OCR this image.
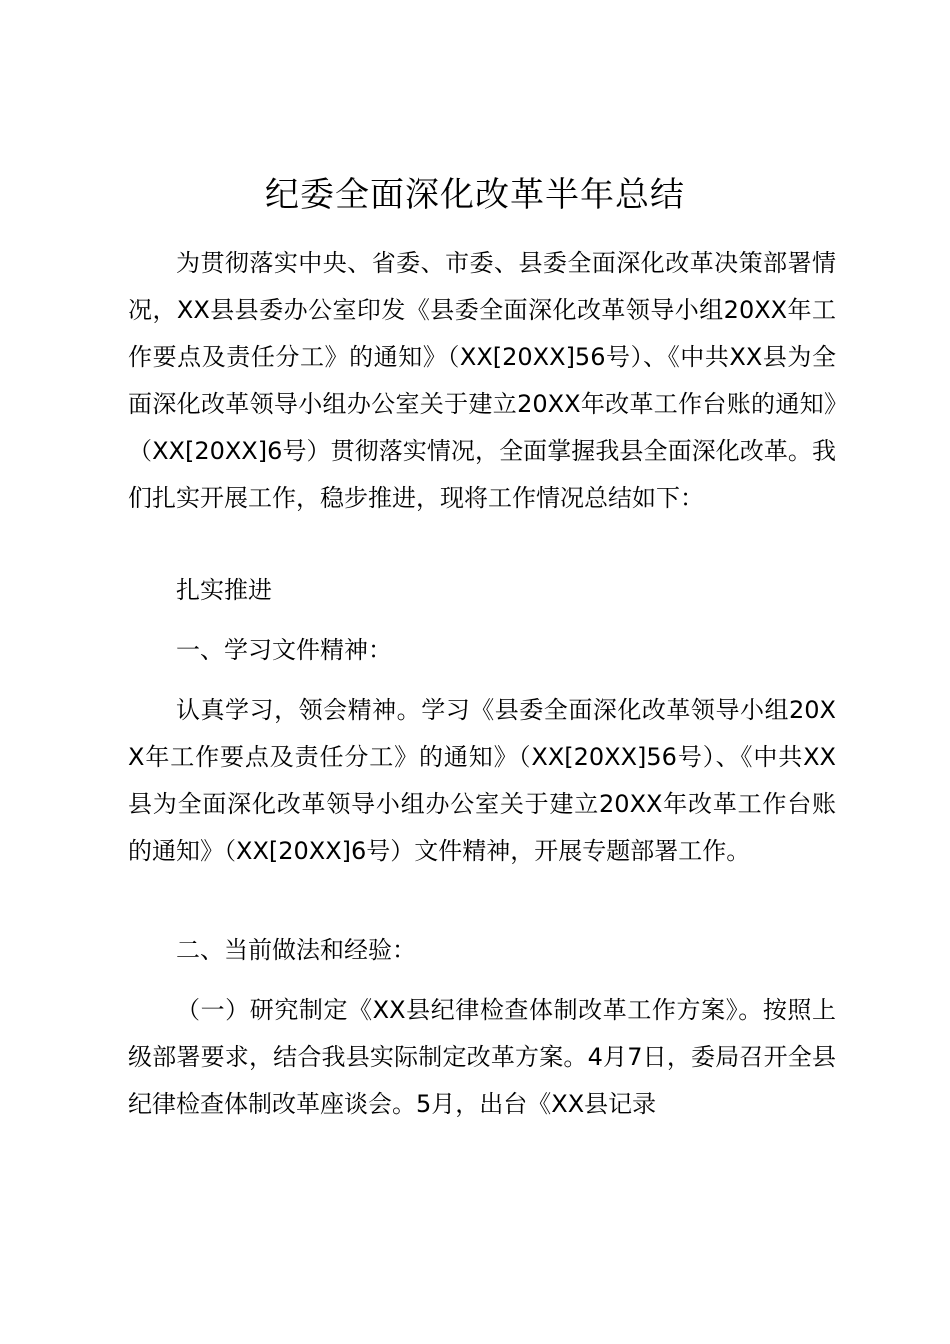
纪委全面深化改革半年总结
为贯彻落实中央、省委、市委、县委全面深化改革决策部署情况，XX县县委办公室印发《县委全面深化改革领导小组20XX年工作要点及责任分工》的通知》（XX[20XX]56号）、《中共XX县为全面深化改革领导小组办公室关于建立20XX年改革工作台账的通知》（XX[20XX]6号）贯彻落实情况，全面掌握我县全面深化改革。我们扎实开展工作，稳步推进，现将工作情况总结如下：
扎实推进
一、学习文件精神：
认真学习，领会精神。学习《县委全面深化改革领导小组20XX年工作要点及责任分工》的通知》（XX[20XX]56号）、《中共XX县为全面深化改革领导小组办公室关于建立20XX年改革工作台账的通知》（XX[20XX]6号）文件精神，开展专题部署工作。
二、当前做法和经验：
（一）研究制定《XX县纪律检查体制改革工作方案》。按照上级部署要求，结合我县实际制定改革方案。4月7日，委局召开全县纪律检查体制改革座谈会。5月，出台《XX县记录
